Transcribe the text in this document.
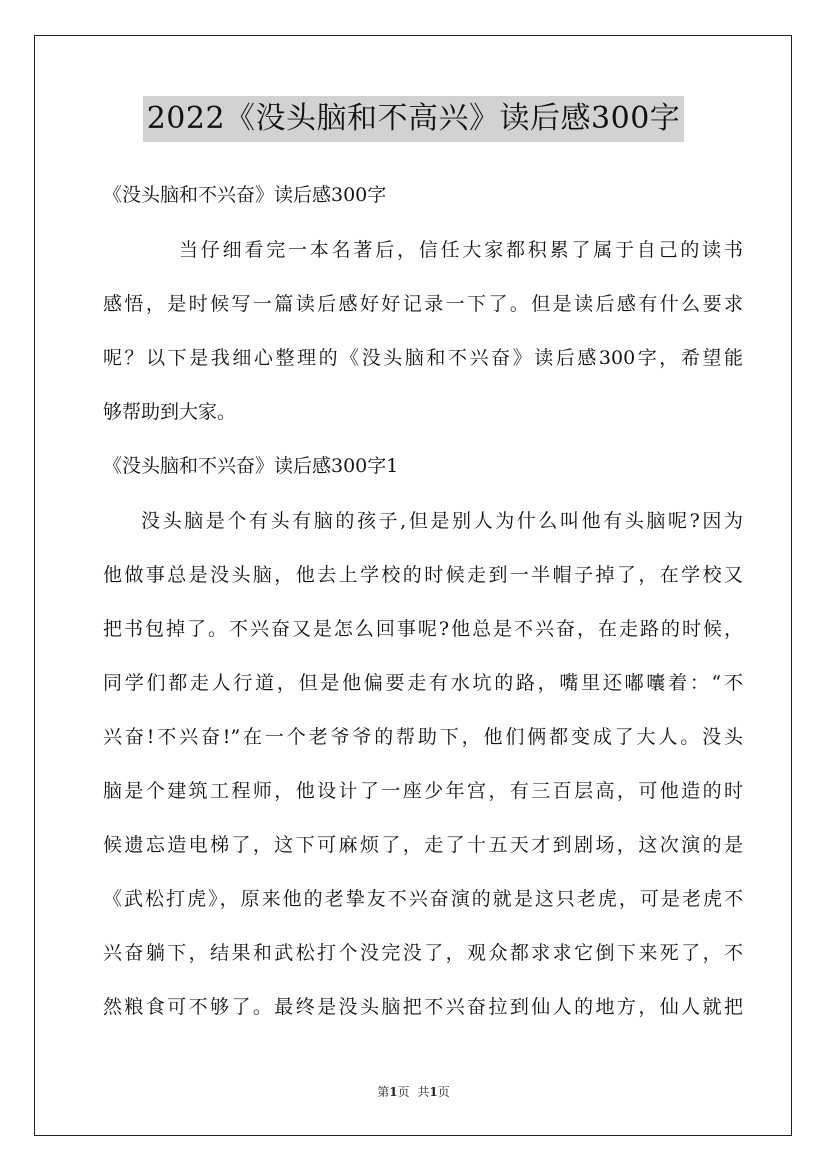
2022《没头脑和不高兴》读后感300字

《没头脑和不兴奋》读后感300字

当仔细看完一本名著后，信任大家都积累了属于自己的读书

感悟，是时候写一篇读后感好好记录一下了。但是读后感有什么要求

呢？以下是我细心整理的《没头脑和不兴奋》读后感300字，希望能

够帮助到大家。

《没头脑和不兴奋》读后感300字1

没头脑是个有头有脑的孩子,但是别人为什么叫他有头脑呢?因为

他做事总是没头脑，他去上学校的时候走到一半帽子掉了，在学校又

把书包掉了。不兴奋又是怎么回事呢?他总是不兴奋，在走路的时候，

同学们都走人行道，但是他偏要走有水坑的路，嘴里还嘟囔着：“不

兴奋!不兴奋!”在一个老爷爷的帮助下，他们俩都变成了大人。没头

脑是个建筑工程师，他设计了一座少年宫，有三百层高，可他造的时

候遗忘造电梯了，这下可麻烦了，走了十五天才到剧场，这次演的是

《武松打虎》，原来他的老挚友不兴奋演的就是这只老虎，可是老虎不

兴奋躺下，结果和武松打个没完没了，观众都求求它倒下来死了，不

然粮食可不够了。最终是没头脑把不兴奋拉到仙人的地方，仙人就把

第1页 共1页
